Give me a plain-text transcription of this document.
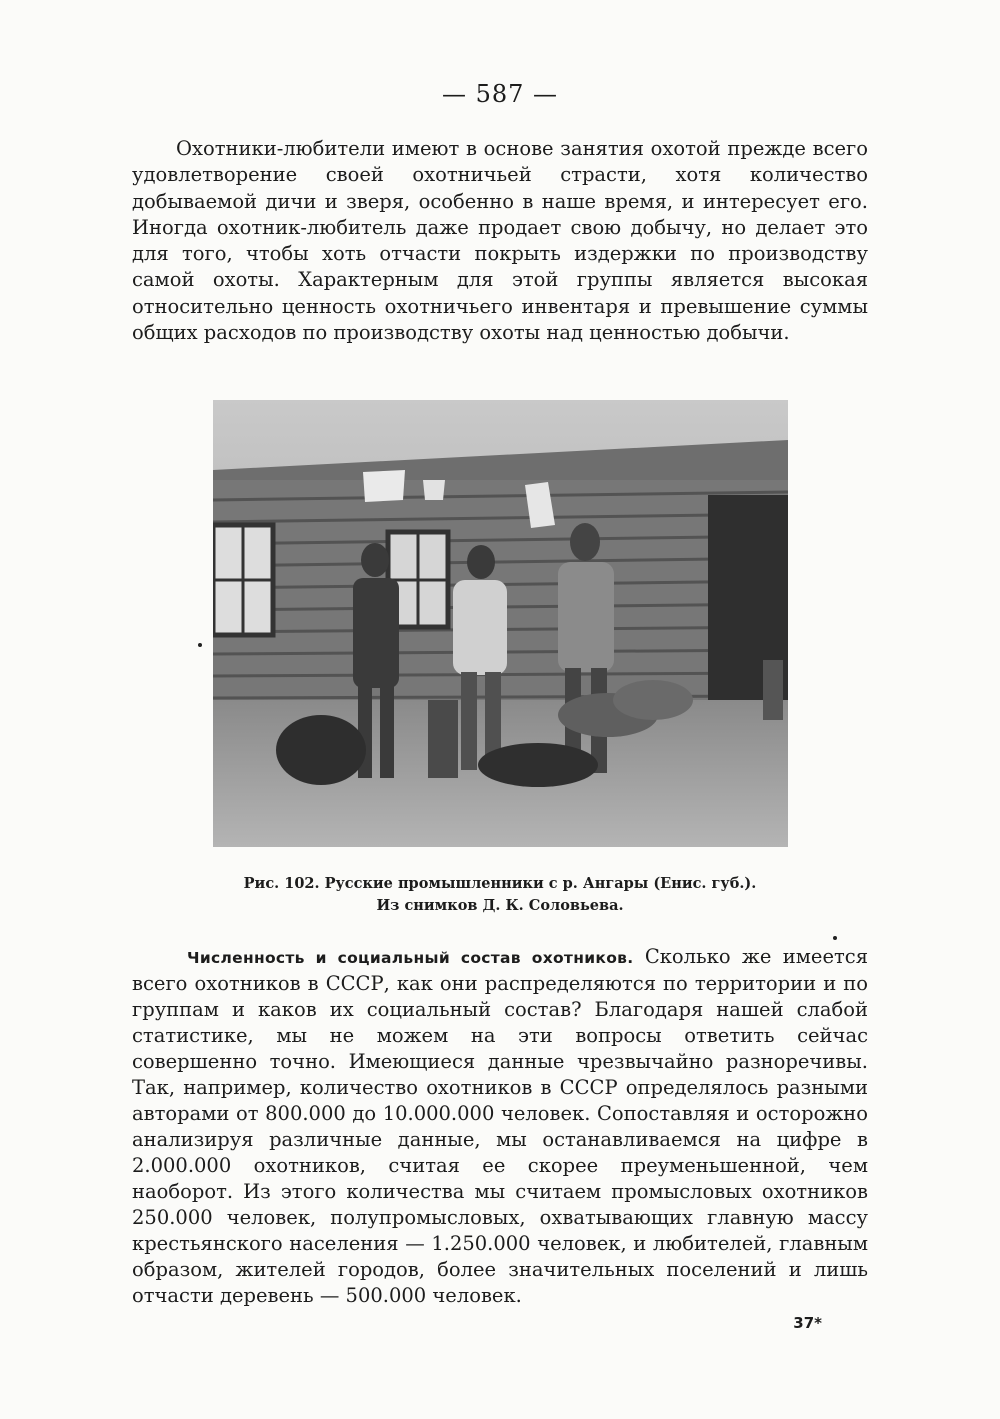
— 587 —

Охотники-любители имеют в основе занятия охотой прежде всего удовлетворение своей охотничьей страсти, хотя количество добываемой дичи и зверя, особенно в наше время, и интересует его. Иногда охотник-любитель даже продает свою добычу, но делает это для того, чтобы хоть отчасти покрыть издержки по производству самой охоты. Характерным для этой группы является высокая относительно ценность охотничьего инвентаря и превышение суммы общих расходов по производству охоты над ценностью добычи.

Рис. 102. Русские промышленники с р. Ангары (Енис. губ.).
Из снимков Д. К. Соловьева.

Численность и социальный состав охотников. Сколько же имеется всего охотников в СССР, как они распределяются по территории и по группам и каков их социальный состав? Благодаря нашей слабой статистике, мы не можем на эти вопросы ответить сейчас совершенно точно. Имеющиеся данные чрезвычайно разноречивы. Так, например, количество охотников в СССР определялось разными авторами от 800.000 до 10.000.000 человек. Сопоставляя и осторожно анализируя различные данные, мы останавливаемся на цифре в 2.000.000 охотников, считая ее скорее преуменьшенной, чем наоборот. Из этого количества мы считаем промысловых охотников 250.000 человек, полупромысловых, охватывающих главную массу крестьянского населения — 1.250.000 человек, и любителей, главным образом, жителей городов, более значительных поселений и лишь отчасти деревень — 500.000 человек.

37*
